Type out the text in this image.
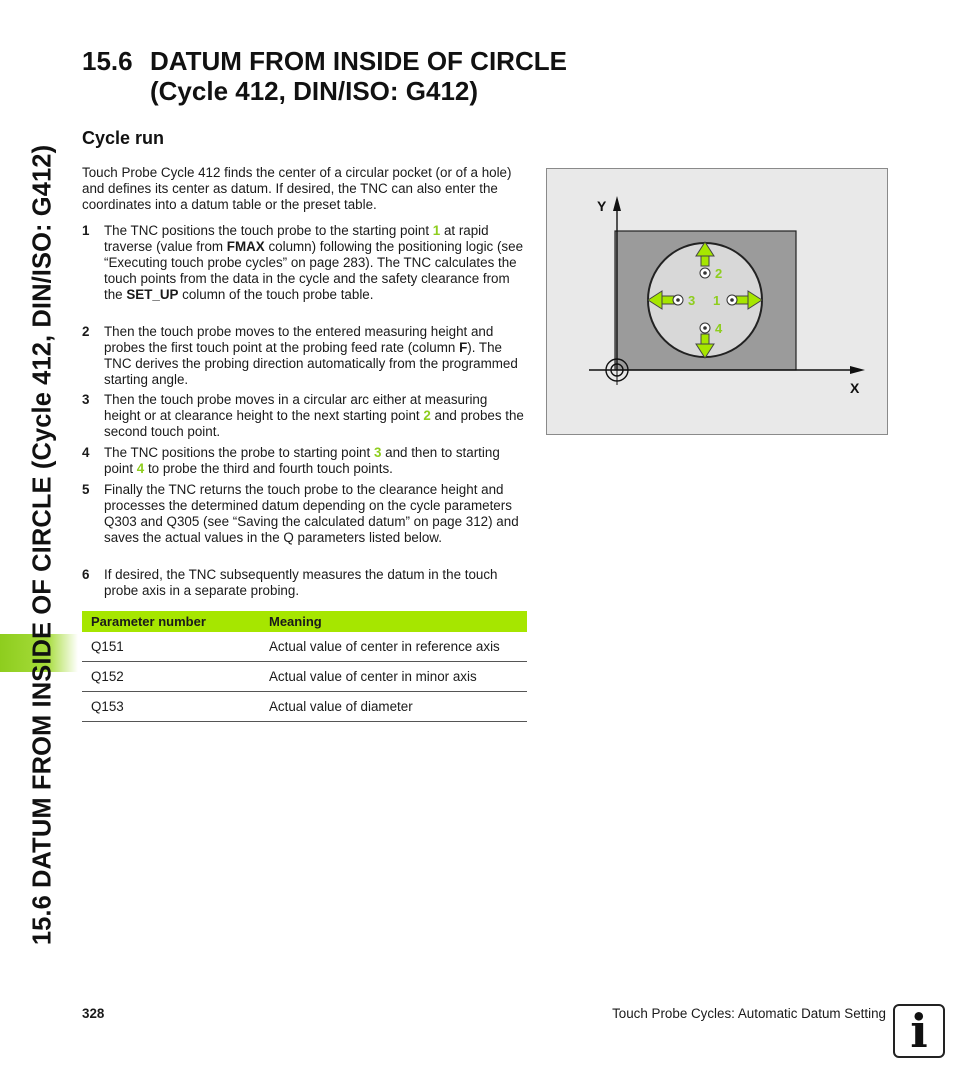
15.6 DATUM FROM INSIDE OF CIRCLE (Cycle 412, DIN/ISO: G412)
15.6 DATUM FROM INSIDE OF CIRCLE
(Cycle 412, DIN/ISO: G412)
Cycle run

Touch Probe Cycle 412 finds the center of a circular pocket (or of a hole) and defines its center as datum. If desired, the TNC can also enter the coordinates into a datum table or the preset table.

1 The TNC positions the touch probe to the starting point 1 at rapid traverse (value from FMAX column) following the positioning logic (see “Executing touch probe cycles” on page 283). The TNC calculates the touch points from the data in the cycle and the safety clearance from the SET_UP column of the touch probe table.
2 Then the touch probe moves to the entered measuring height and probes the first touch point at the probing feed rate (column F). The TNC derives the probing direction automatically from the programmed starting angle.
3 Then the touch probe moves in a circular arc either at measuring height or at clearance height to the next starting point 2 and probes the second touch point.
4 The TNC positions the probe to starting point 3 and then to starting point 4 to probe the third and fourth touch points.
5 Finally the TNC returns the touch probe to the clearance height and processes the determined datum depending on the cycle parameters Q303 and Q305 (see “Saving the calculated datum” on page 312) and saves the actual values in the Q parameters listed below.
6 If desired, the TNC subsequently measures the datum in the touch probe axis in a separate probing.
Parameter number	Meaning
Q151	Actual value of center in reference axis
Q152	Actual value of center in minor axis
Q153	Actual value of diameter
Y
X
2
3 1
4
328	Touch Probe Cycles: Automatic Datum Setting i
